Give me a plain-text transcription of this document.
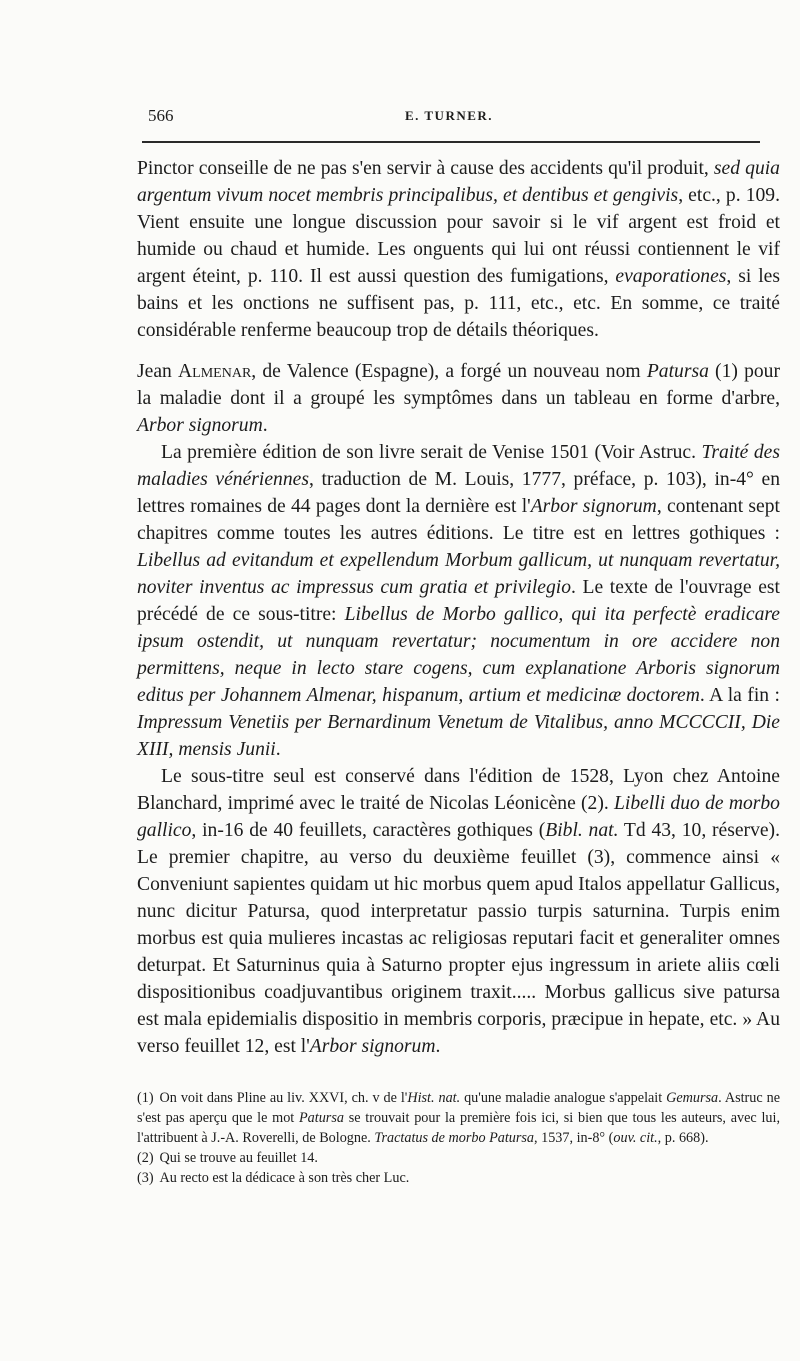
566	E. TURNER.

Pinctor conseille de ne pas s'en servir à cause des accidents qu'il produit, sed quia argentum vivum nocet membris principalibus, et dentibus et gengivis, etc., p. 109. Vient ensuite une longue discussion pour savoir si le vif argent est froid et humide ou chaud et humide. Les onguents qui lui ont réussi contiennent le vif argent éteint, p. 110. Il est aussi question des fumigations, evaporationes, si les bains et les onctions ne suffisent pas, p. 111, etc., etc. En somme, ce traité considérable renferme beaucoup trop de détails théoriques.

Jean Almenar, de Valence (Espagne), a forgé un nouveau nom Patursa (1) pour la maladie dont il a groupé les symptômes dans un tableau en forme d'arbre, Arbor signorum.

La première édition de son livre serait de Venise 1501 (Voir Astruc. Traité des maladies vénériennes, traduction de M. Louis, 1777, préface, p. 103), in-4° en lettres romaines de 44 pages dont la dernière est l'Arbor signorum, contenant sept chapitres comme toutes les autres éditions. Le titre est en lettres gothiques : Libellus ad evitandum et expellendum Morbum gallicum, ut nunquam revertatur, noviter inventus ac impressus cum gratia et privilegio. Le texte de l'ouvrage est précédé de ce sous-titre: Libellus de Morbo gallico, qui ita perfectè eradicare ipsum ostendit, ut nunquam revertatur; nocumentum in ore accidere non permittens, neque in lecto stare cogens, cum explanatione Arboris signorum editus per Johannem Almenar, hispanum, artium et medicinæ doctorem. A la fin : Impressum Venetiis per Bernardinum Venetum de Vitalibus, anno MCCCCII, Die XIII, mensis Junii.

Le sous-titre seul est conservé dans l'édition de 1528, Lyon chez Antoine Blanchard, imprimé avec le traité de Nicolas Léonicène (2). Libelli duo de morbo gallico, in-16 de 40 feuillets, caractères gothiques (Bibl. nat. Td 43, 10, réserve). Le premier chapitre, au verso du deuxième feuillet (3), commence ainsi « Conveniunt sapientes quidam ut hic morbus quem apud Italos appellatur Gallicus, nunc dicitur Patursa, quod interpretatur passio turpis saturnina. Turpis enim morbus est quia mulieres incastas ac religiosas reputari facit et generaliter omnes deturpat. Et Saturninus quia à Saturno propter ejus ingressum in ariete aliis cœli dispositionibus coadjuvantibus originem traxit..... Morbus gallicus sive patursa est mala epidemialis dispositio in membris corporis, præcipue in hepate, etc. » Au verso feuillet 12, est l'Arbor signorum.

(1) On voit dans Pline au liv. XXVI, ch. v de l'Hist. nat. qu'une maladie analogue s'appelait Gemursa. Astruc ne s'est pas aperçu que le mot Patursa se trouvait pour la première fois ici, si bien que tous les auteurs, avec lui, l'attribuent à J.-A. Roverelli, de Bologne. Tractatus de morbo Patursa, 1537, in-8° (ouv. cit., p. 668).

(2) Qui se trouve au feuillet 14.

(3) Au recto est la dédicace à son très cher Luc.
